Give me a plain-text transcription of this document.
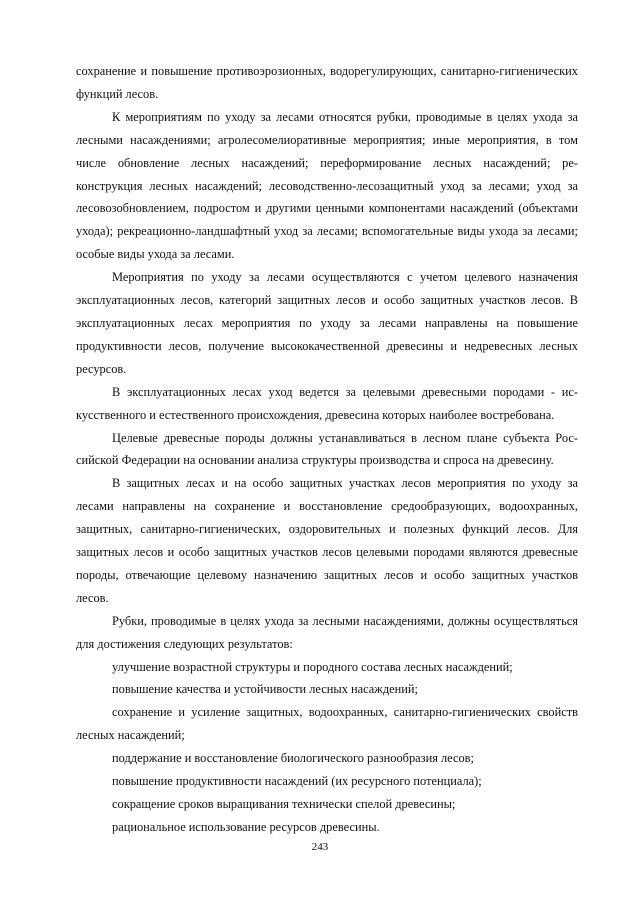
сохранение и повышение противоэрозионных, водорегулирующих, санитарно-гигиенических функций лесов.

К мероприятиям по уходу за лесами относятся рубки, проводимые в целях ухода за лесными насаждениями; агролесомелиоративные мероприятия; иные мероприятия, в том числе обновление лесных насаждений; переформирование лесных насаждений; реконструкция лесных насаждений; лесоводственно-лесозащитный уход за лесами; уход за лесовозобновлением, подростом и другими ценными компонентами насаждений (объектами ухода); рекреационно-ландшафтный уход за лесами; вспомогательные виды ухода за лесами; особые виды ухода за лесами.

Мероприятия по уходу за лесами осуществляются с учетом целевого назначения эксплуатационных лесов, категорий защитных лесов и особо защитных участков лесов. В эксплуатационных лесах мероприятия по уходу за лесами направлены на повышение продуктивности лесов, получение высококачественной древесины и недревесных лесных ресурсов.

В эксплуатационных лесах уход ведется за целевыми древесными породами - искусственного и естественного происхождения, древесина которых наиболее востребована.

Целевые древесные породы должны устанавливаться в лесном плане субъекта Российской Федерации на основании анализа структуры производства и спроса на древесину.

В защитных лесах и на особо защитных участках лесов мероприятия по уходу за лесами направлены на сохранение и восстановление средообразующих, водоохранных, защитных, санитарно-гигиенических, оздоровительных и полезных функций лесов. Для защитных лесов и особо защитных участков лесов целевыми породами являются древесные породы, отвечающие целевому назначению защитных лесов и особо защитных участков лесов.

Рубки, проводимые в целях ухода за лесными насаждениями, должны осуществляться для достижения следующих результатов:

улучшение возрастной структуры и породного состава лесных насаждений;

повышение качества и устойчивости лесных насаждений;

сохранение и усиление защитных, водоохранных, санитарно-гигиенических свойств лесных насаждений;

поддержание и восстановление биологического разнообразия лесов;

повышение продуктивности насаждений (их ресурсного потенциала);

сокращение сроков выращивания технически спелой древесины;

рациональное использование ресурсов древесины.

243
